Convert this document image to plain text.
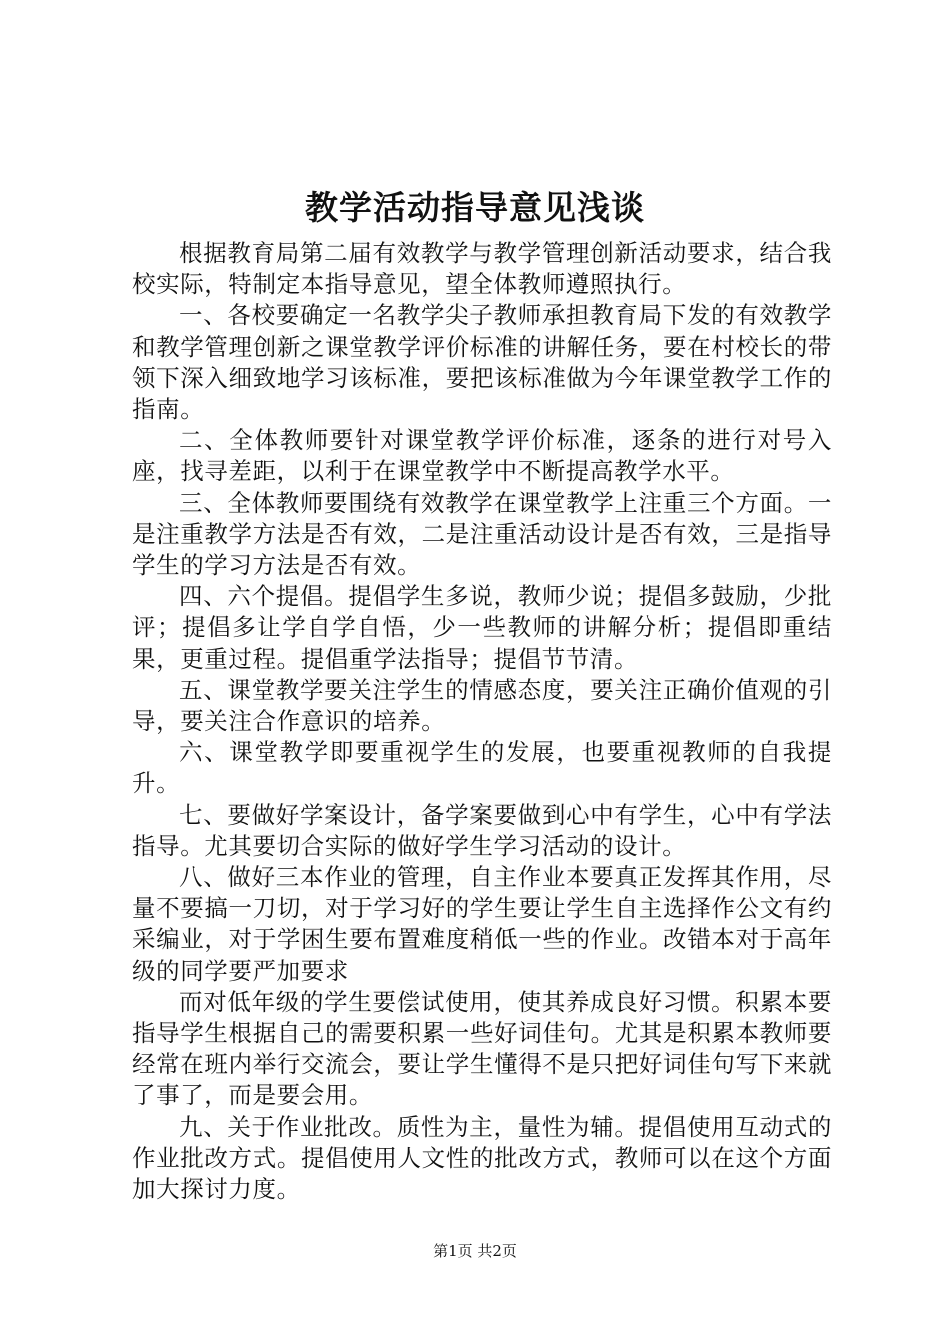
教学活动指导意见浅谈

根据教育局第二届有效教学与教学管理创新活动要求，结合我校实际，特制定本指导意见，望全体教师遵照执行。

一、各校要确定一名教学尖子教师承担教育局下发的有效教学和教学管理创新之课堂教学评价标准的讲解任务，要在村校长的带领下深入细致地学习该标准，要把该标准做为今年课堂教学工作的指南。

二、全体教师要针对课堂教学评价标准，逐条的进行对号入座，找寻差距，以利于在课堂教学中不断提高教学水平。

三、全体教师要围绕有效教学在课堂教学上注重三个方面。一是注重教学方法是否有效，二是注重活动设计是否有效，三是指导学生的学习方法是否有效。

四、六个提倡。提倡学生多说，教师少说；提倡多鼓励，少批评；提倡多让学自学自悟，少一些教师的讲解分析；提倡即重结果，更重过程。提倡重学法指导；提倡节节清。

五、课堂教学要关注学生的情感态度，要关注正确价值观的引导，要关注合作意识的培养。

六、课堂教学即要重视学生的发展，也要重视教师的自我提升。

七、要做好学案设计，备学案要做到心中有学生，心中有学法指导。尤其要切合实际的做好学生学习活动的设计。

八、做好三本作业的管理，自主作业本要真正发挥其作用，尽量不要搞一刀切，对于学习好的学生要让学生自主选择作公文有约采编业，对于学困生要布置难度稍低一些的作业。改错本对于高年级的同学要严加要求

而对低年级的学生要偿试使用，使其养成良好习惯。积累本要指导学生根据自己的需要积累一些好词佳句。尤其是积累本教师要经常在班内举行交流会，要让学生懂得不是只把好词佳句写下来就了事了，而是要会用。

九、关于作业批改。质性为主，量性为辅。提倡使用互动式的作业批改方式。提倡使用人文性的批改方式，教师可以在这个方面加大探讨力度。

第1页 共2页
